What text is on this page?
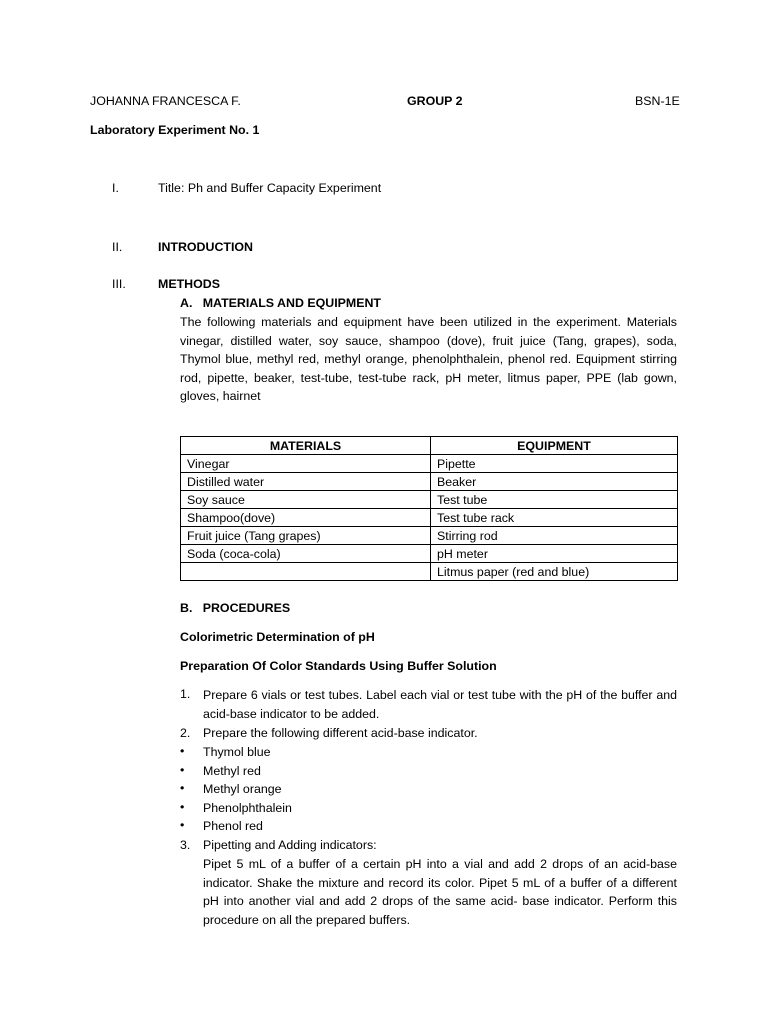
JOHANNA FRANCESCA F.	GROUP 2	BSN-1E
Laboratory Experiment No. 1
I.	Title: Ph and Buffer Capacity Experiment
II.	INTRODUCTION
III.	METHODS
A.   MATERIALS AND EQUIPMENT
The following materials and equipment have been utilized in the experiment. Materials vinegar, distilled water, soy sauce, shampoo (dove), fruit juice (Tang, grapes), soda, Thymol blue, methyl red, methyl orange, phenolphthalein, phenol red. Equipment stirring rod, pipette, beaker, test-tube, test-tube rack, pH meter, litmus paper, PPE (lab gown, gloves, hairnet
MATERIALS	EQUIPMENT
Vinegar	Pipette
Distilled water	Beaker
Soy sauce	Test tube
Shampoo(dove)	Test tube rack
Fruit juice (Tang grapes)	Stirring rod
Soda (coca-cola)	pH meter
	Litmus paper (red and blue)
B.   PROCEDURES
Colorimetric Determination of pH
Preparation Of Color Standards Using Buffer Solution
1. Prepare 6 vials or test tubes. Label each vial or test tube with the pH of the buffer and acid-base indicator to be added.
2. Prepare the following different acid-base indicator.
• Thymol blue
• Methyl red
• Methyl orange
• Phenolphthalein
• Phenol red
3. Pipetting and Adding indicators:
Pipet 5 mL of a buffer of a certain pH into a vial and add 2 drops of an acid-base indicator. Shake the mixture and record its color. Pipet 5 mL of a buffer of a different pH into another vial and add 2 drops of the same acid- base indicator. Perform this procedure on all the prepared buffers.
